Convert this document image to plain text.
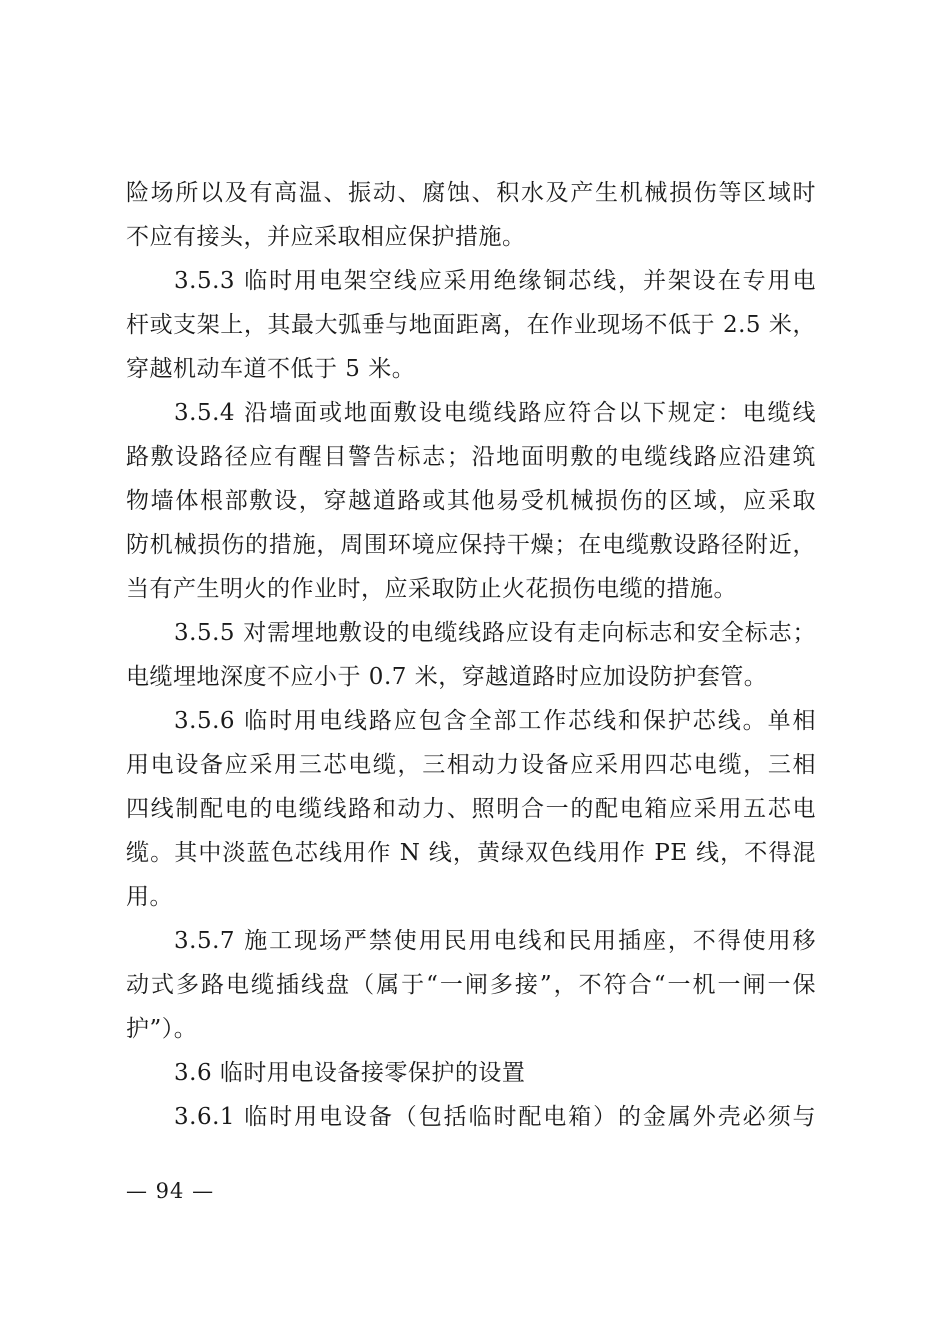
险场所以及有高温、振动、腐蚀、积水及产生机械损伤等区域时
不应有接头，并应采取相应保护措施。
3.5.3 临时用电架空线应采用绝缘铜芯线，并架设在专用电
杆或支架上，其最大弧垂与地面距离，在作业现场不低于 2.5 米，
穿越机动车道不低于 5 米。
3.5.4 沿墙面或地面敷设电缆线路应符合以下规定：电缆线
路敷设路径应有醒目警告标志；沿地面明敷的电缆线路应沿建筑
物墙体根部敷设，穿越道路或其他易受机械损伤的区域，应采取
防机械损伤的措施，周围环境应保持干燥；在电缆敷设路径附近，
当有产生明火的作业时，应采取防止火花损伤电缆的措施。
3.5.5 对需埋地敷设的电缆线路应设有走向标志和安全标志；
电缆埋地深度不应小于 0.7 米，穿越道路时应加设防护套管。
3.5.6 临时用电线路应包含全部工作芯线和保护芯线。单相
用电设备应采用三芯电缆，三相动力设备应采用四芯电缆，三相
四线制配电的电缆线路和动力、照明合一的配电箱应采用五芯电
缆。其中淡蓝色芯线用作 N 线，黄绿双色线用作 PE 线，不得混
用。
3.5.7 施工现场严禁使用民用电线和民用插座，不得使用移
动式多路电缆插线盘（属于“一闸多接”，不符合“一机一闸一保
护”）。
3.6 临时用电设备接零保护的设置
3.6.1 临时用电设备（包括临时配电箱）的金属外壳必须与
— 94 —
